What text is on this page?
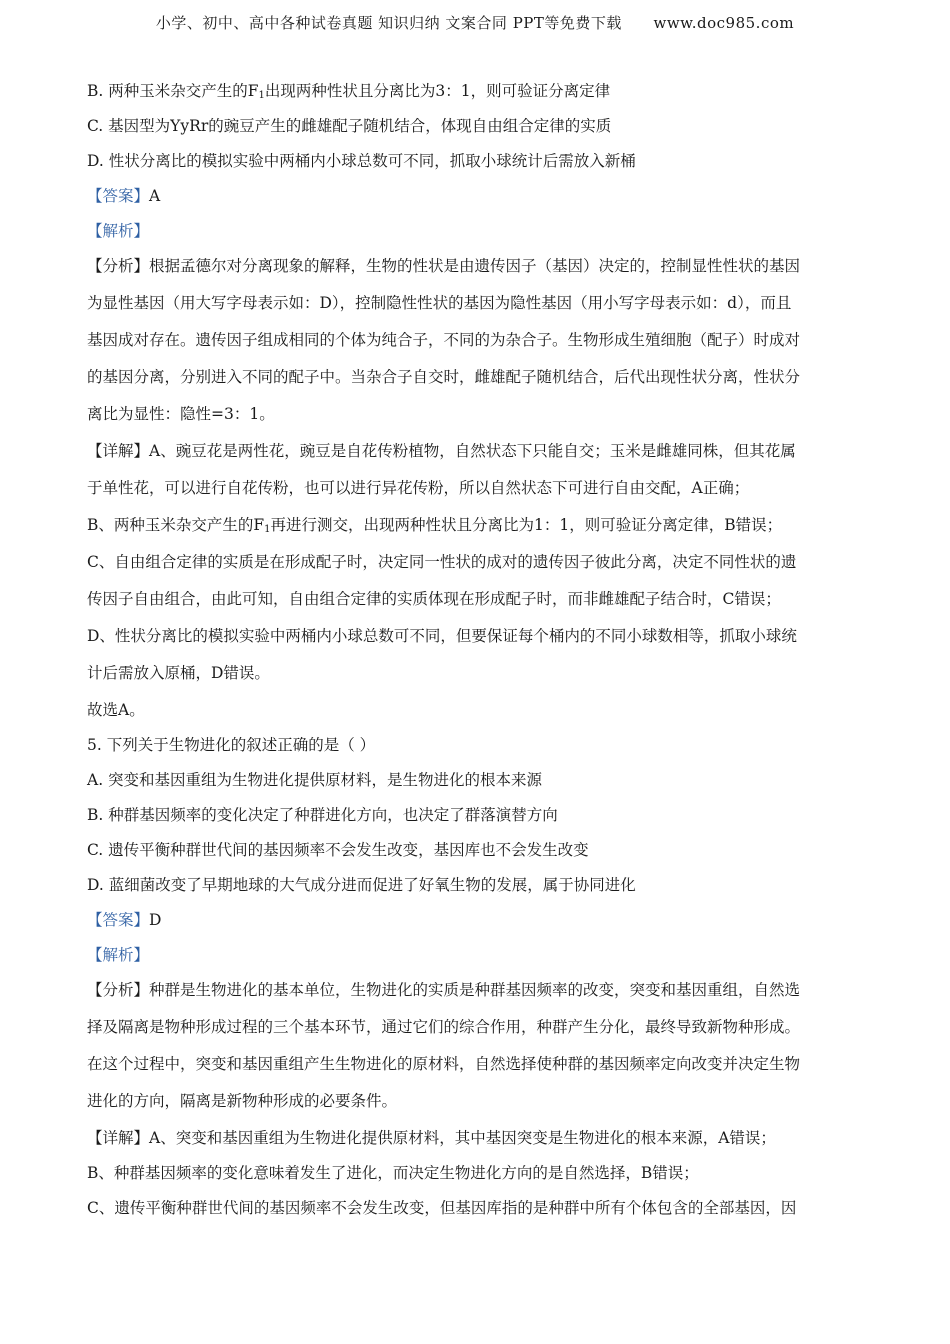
小学、初中、高中各种试卷真题 知识归纳 文案合同 PPT等免费下载 www.doc985.com
B. 两种玉米杂交产生的$F_1$出现两种性状且分离比为3：1，则可验证分离定律
C. 基因型为YyRr的豌豆产生的雌雄配子随机结合，体现自由组合定律的实质
D. 性状分离比的模拟实验中两桶内小球总数可不同，抓取小球统计后需放入新桶
【答案】A
【解析】
【分析】根据孟德尔对分离现象的解释，生物的性状是由遗传因子（基因）决定的，控制显性性状的基因
为显性基因（用大写字母表示如：D），控制隐性性状的基因为隐性基因（用小写字母表示如：d），而且
基因成对存在。遗传因子组成相同的个体为纯合子，不同的为杂合子。生物形成生殖细胞（配子）时成对
的基因分离，分别进入不同的配子中。当杂合子自交时，雌雄配子随机结合，后代出现性状分离，性状分
离比为显性：隐性=3：1。
【详解】A、豌豆花是两性花，豌豆是自花传粉植物，自然状态下只能自交；玉米是雌雄同株，但其花属
于单性花，可以进行自花传粉，也可以进行异花传粉，所以自然状态下可进行自由交配，A正确；
B、两种玉米杂交产生的$F_1$再进行测交，出现两种性状且分离比为1：1，则可验证分离定律，B错误；
C、自由组合定律的实质是在形成配子时，决定同一性状的成对的遗传因子彼此分离，决定不同性状的遗
传因子自由组合，由此可知，自由组合定律的实质体现在形成配子时，而非雌雄配子结合时，C错误；
D、性状分离比的模拟实验中两桶内小球总数可不同，但要保证每个桶内的不同小球数相等，抓取小球统
计后需放入原桶，D错误。
故选A。
5. 下列关于生物进化的叙述正确的是（ ）
A. 突变和基因重组为生物进化提供原材料，是生物进化的根本来源
B. 种群基因频率的变化决定了种群进化方向，也决定了群落演替方向
C. 遗传平衡种群世代间的基因频率不会发生改变，基因库也不会发生改变
D. 蓝细菌改变了早期地球的大气成分进而促进了好氧生物的发展，属于协同进化
【答案】D
【解析】
【分析】种群是生物进化的基本单位，生物进化的实质是种群基因频率的改变，突变和基因重组，自然选
择及隔离是物种形成过程的三个基本环节，通过它们的综合作用，种群产生分化，最终导致新物种形成。
在这个过程中，突变和基因重组产生生物进化的原材料，自然选择使种群的基因频率定向改变并决定生物
进化的方向，隔离是新物种形成的必要条件。
【详解】A、突变和基因重组为生物进化提供原材料，其中基因突变是生物进化的根本来源，A错误；
B、种群基因频率的变化意味着发生了进化，而决定生物进化方向的是自然选择，B错误；
C、遗传平衡种群世代间的基因频率不会发生改变，但基因库指的是种群中所有个体包含的全部基因，因
